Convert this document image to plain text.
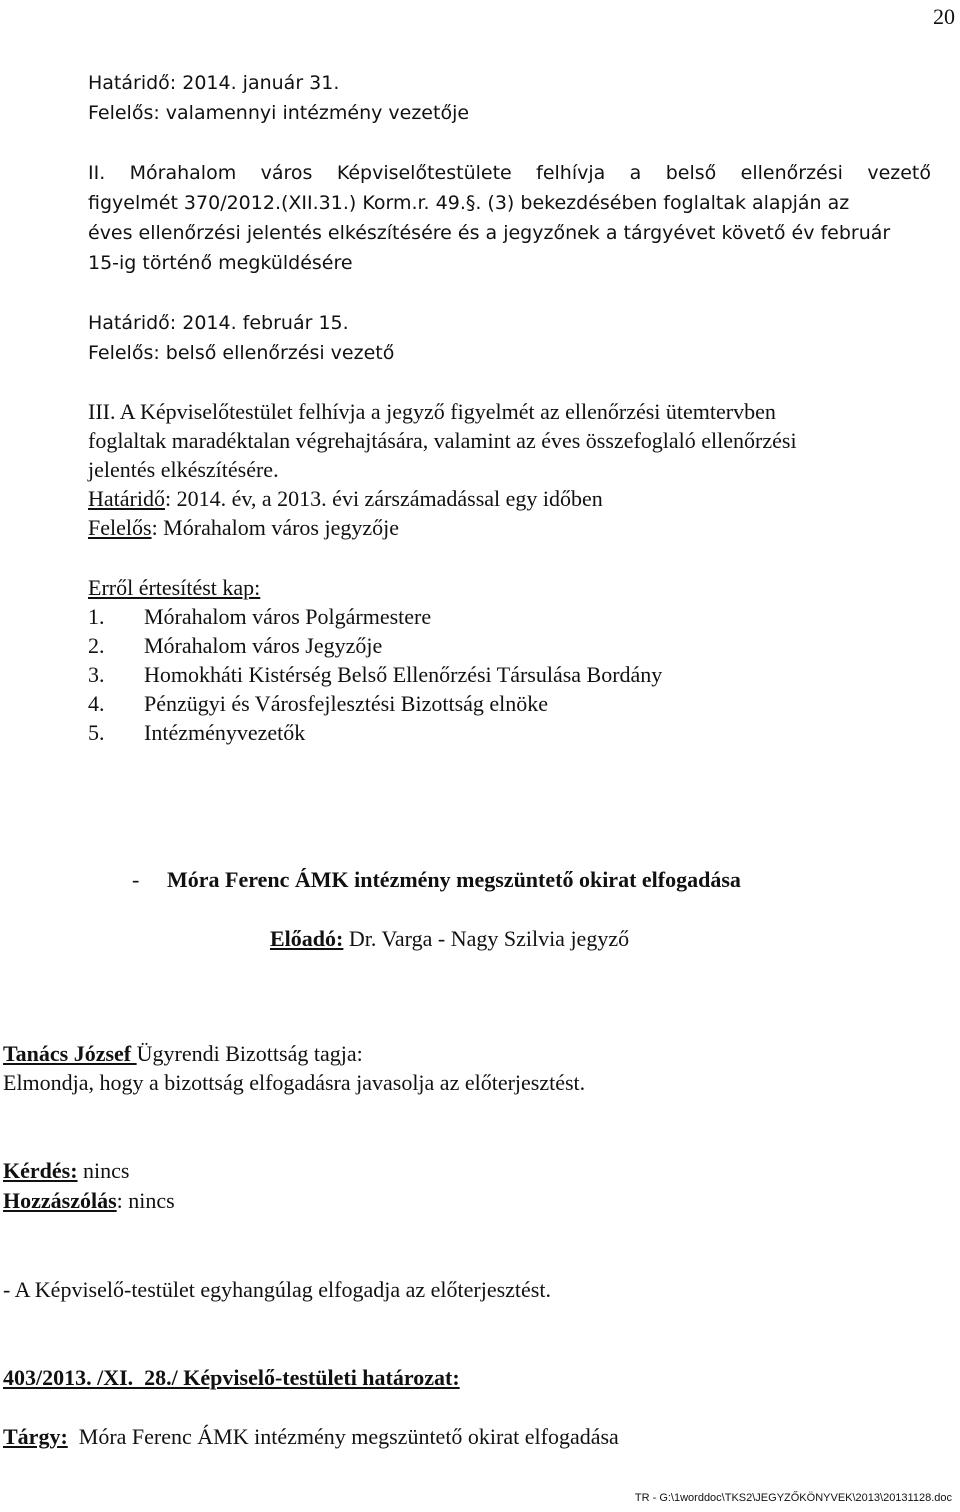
20
Határidő: 2014. január 31.
Felelős: valamennyi intézmény vezetője
II. Mórahalom város Képviselőtestülete felhívja a belső ellenőrzési vezető
figyelmét 370/2012.(XII.31.) Korm.r. 49.§. (3) bekezdésében foglaltak alapján az
éves ellenőrzési jelentés elkészítésére és a jegyzőnek a tárgyévet követő év február
15-ig történő megküldésére
Határidő: 2014. február 15.
Felelős: belső ellenőrzési vezető
III. A Képviselőtestület felhívja a jegyző figyelmét az ellenőrzési ütemtervben
foglaltak maradéktalan végrehajtására, valamint az éves összefoglaló ellenőrzési
jelentés elkészítésére.
Határidő: 2014. év, a 2013. évi zárszámadással egy időben
Felelős: Mórahalom város jegyzője
Erről értesítést kap:
1. Mórahalom város Polgármestere
2. Mórahalom város Jegyzője
3. Homokháti Kistérség Belső Ellenőrzési Társulása Bordány
4. Pénzügyi és Városfejlesztési Bizottság elnöke
5. Intézményvezetők
- Móra Ferenc ÁMK intézmény megszüntető okirat elfogadása
Előadó: Dr. Varga - Nagy Szilvia jegyző
Tanács József Ügyrendi Bizottság tagja:
Elmondja, hogy a bizottság elfogadásra javasolja az előterjesztést.
Kérdés: nincs
Hozzászólás: nincs
- A Képviselő-testület egyhangúlag elfogadja az előterjesztést.
403/2013. /XI.  28./ Képviselő-testületi határozat:
Tárgy:  Móra Ferenc ÁMK intézmény megszüntető okirat elfogadása
TR - G:\1worddoc\TKS2\JEGYZŐKÖNYVEK\2013\20131128.doc
